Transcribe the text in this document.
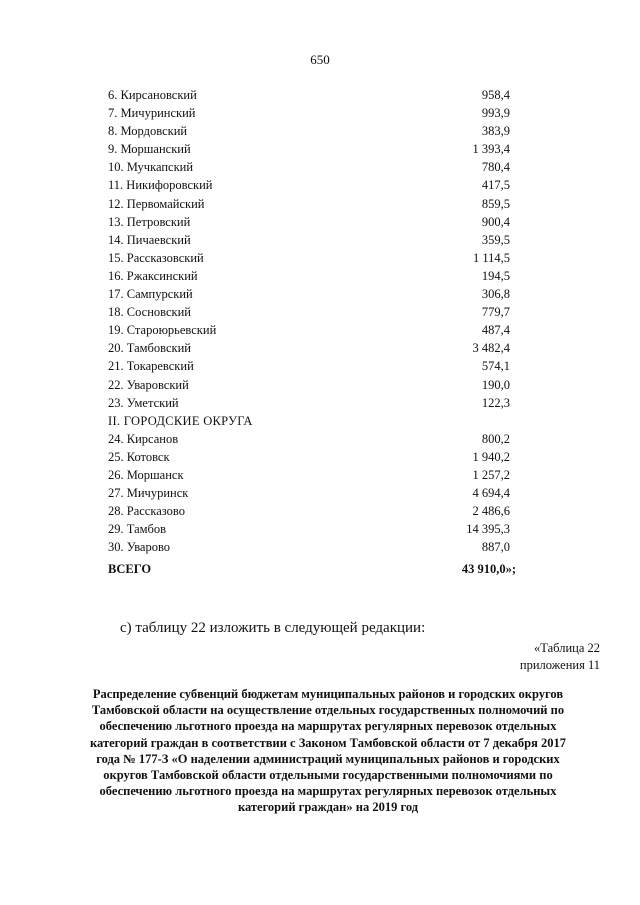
650
6. Кирсановский	958,4
7. Мичуринский	993,9
8. Мордовский	383,9
9. Моршанский	1 393,4
10. Мучкапский	780,4
11. Никифоровский	417,5
12. Первомайский	859,5
13. Петровский	900,4
14. Пичаевский	359,5
15. Рассказовский	1 114,5
16. Ржаксинский	194,5
17. Сампурский	306,8
18. Сосновский	779,7
19. Староюрьевский	487,4
20. Тамбовский	3 482,4
21. Токаревский	574,1
22. Уваровский	190,0
23. Уметский	122,3
II. ГОРОДСКИЕ ОКРУГА
24. Кирсанов	800,2
25. Котовск	1 940,2
26. Моршанск	1 257,2
27. Мичуринск	4 694,4
28. Рассказово	2 486,6
29. Тамбов	14 395,3
30. Уварово	887,0
ВСЕГО	43 910,0»;
с) таблицу 22 изложить в следующей редакции:
«Таблица 22
приложения 11
Распределение субвенций бюджетам муниципальных районов и городских округов Тамбовской области на осуществление отдельных государственных полномочий по обеспечению льготного проезда на маршрутах регулярных перевозок отдельных категорий граждан в соответствии с Законом Тамбовской области от 7 декабря 2017 года № 177-З «О наделении администраций муниципальных районов и городских округов Тамбовской области отдельными государственными полномочиями по обеспечению льготного проезда на маршрутах регулярных перевозок отдельных категорий граждан» на 2019 год
